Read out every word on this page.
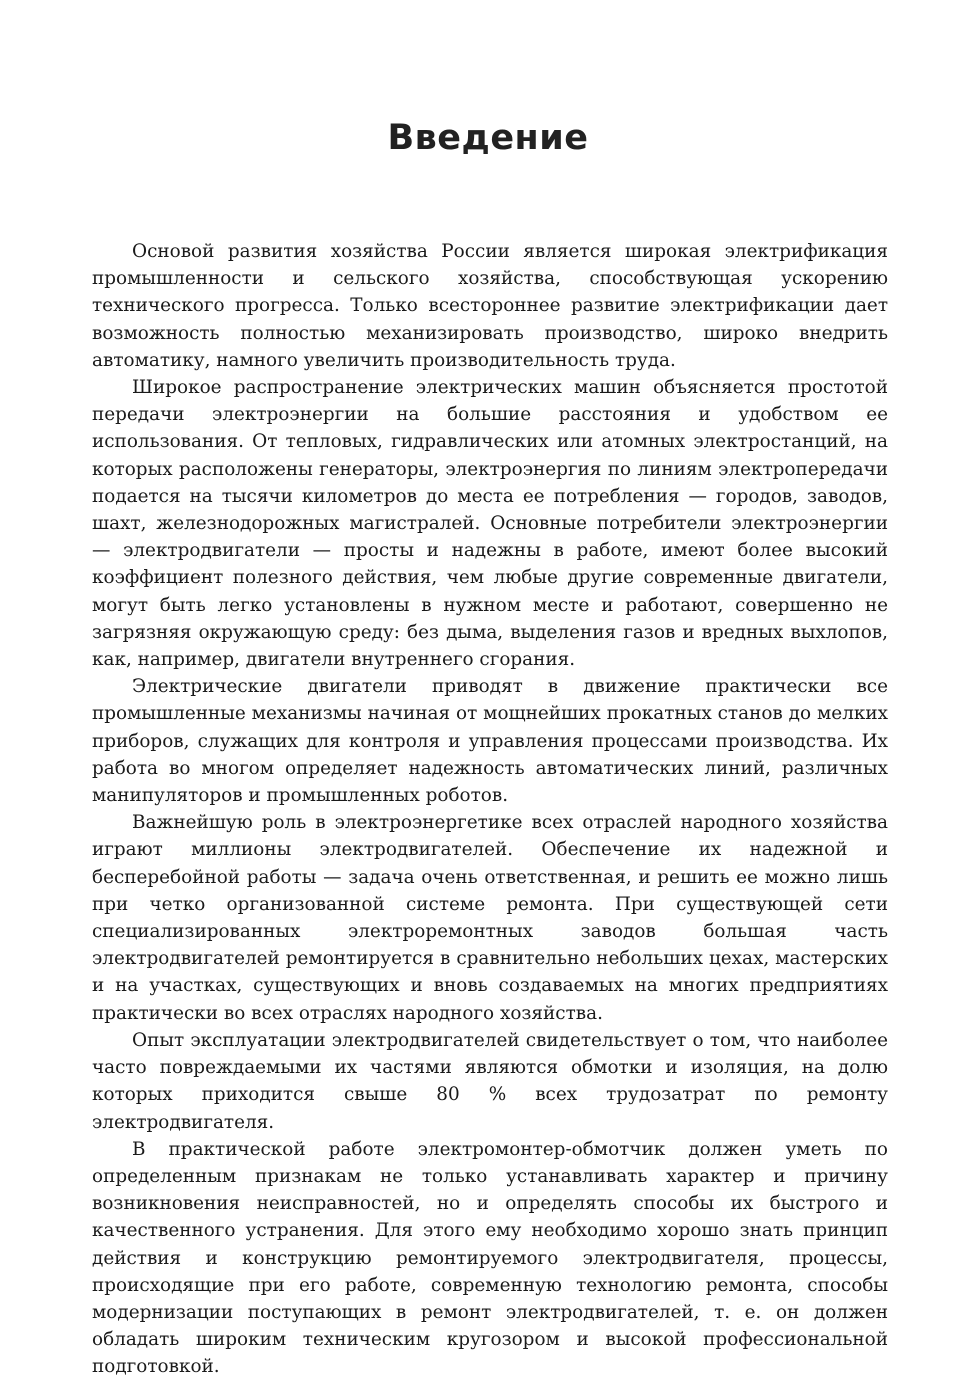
Введение

Основой развития хозяйства России является широкая электрификация промышленности и сельского хозяйства, способствующая ускорению технического прогресса. Только всестороннее развитие электрификации дает возможность полностью механизировать производство, широко внедрить автоматику, намного увеличить производительность труда.

Широкое распространение электрических машин объясняется простотой передачи электроэнергии на большие расстояния и удобством ее использования. От тепловых, гидравлических или атомных электростанций, на которых расположены генераторы, электроэнергия по линиям электропередачи подается на тысячи километров до места ее потребления — городов, заводов, шахт, железнодорожных магистралей. Основные потребители электроэнергии — электродвигатели — просты и надежны в работе, имеют более высокий коэффициент полезного действия, чем любые другие современные двигатели, могут быть легко установлены в нужном месте и работают, совершенно не загрязняя окружающую среду: без дыма, выделения газов и вредных выхлопов, как, например, двигатели внутреннего сгорания.

Электрические двигатели приводят в движение практически все промышленные механизмы начиная от мощнейших прокатных станов до мелких приборов, служащих для контроля и управления процессами производства. Их работа во многом определяет надежность автоматических линий, различных манипуляторов и промышленных роботов.

Важнейшую роль в электроэнергетике всех отраслей народного хозяйства играют миллионы электродвигателей. Обеспечение их надежной и бесперебойной работы — задача очень ответственная, и решить ее можно лишь при четко организованной системе ремонта. При существующей сети специализированных электроремонтных заводов большая часть электродвигателей ремонтируется в сравнительно небольших цехах, мастерских и на участках, существующих и вновь создаваемых на многих предприятиях практически во всех отраслях народного хозяйства.

Опыт эксплуатации электродвигателей свидетельствует о том, что наиболее часто повреждаемыми их частями являются обмотки и изоляция, на долю которых приходится свыше 80 % всех трудозатрат по ремонту электродвигателя.

В практической работе электромонтер-обмотчик должен уметь по определенным признакам не только устанавливать характер и причину возникновения неисправностей, но и определять способы их быстрого и качественного устранения. Для этого ему необходимо хорошо знать принцип действия и конструкцию ремонтируемого электродвигателя, процессы, происходящие при его работе, современную технологию ремонта, способы модернизации поступающих в ремонт электродвигателей, т. е. он должен обладать широким техническим кругозором и высокой профессиональной подготовкой.
